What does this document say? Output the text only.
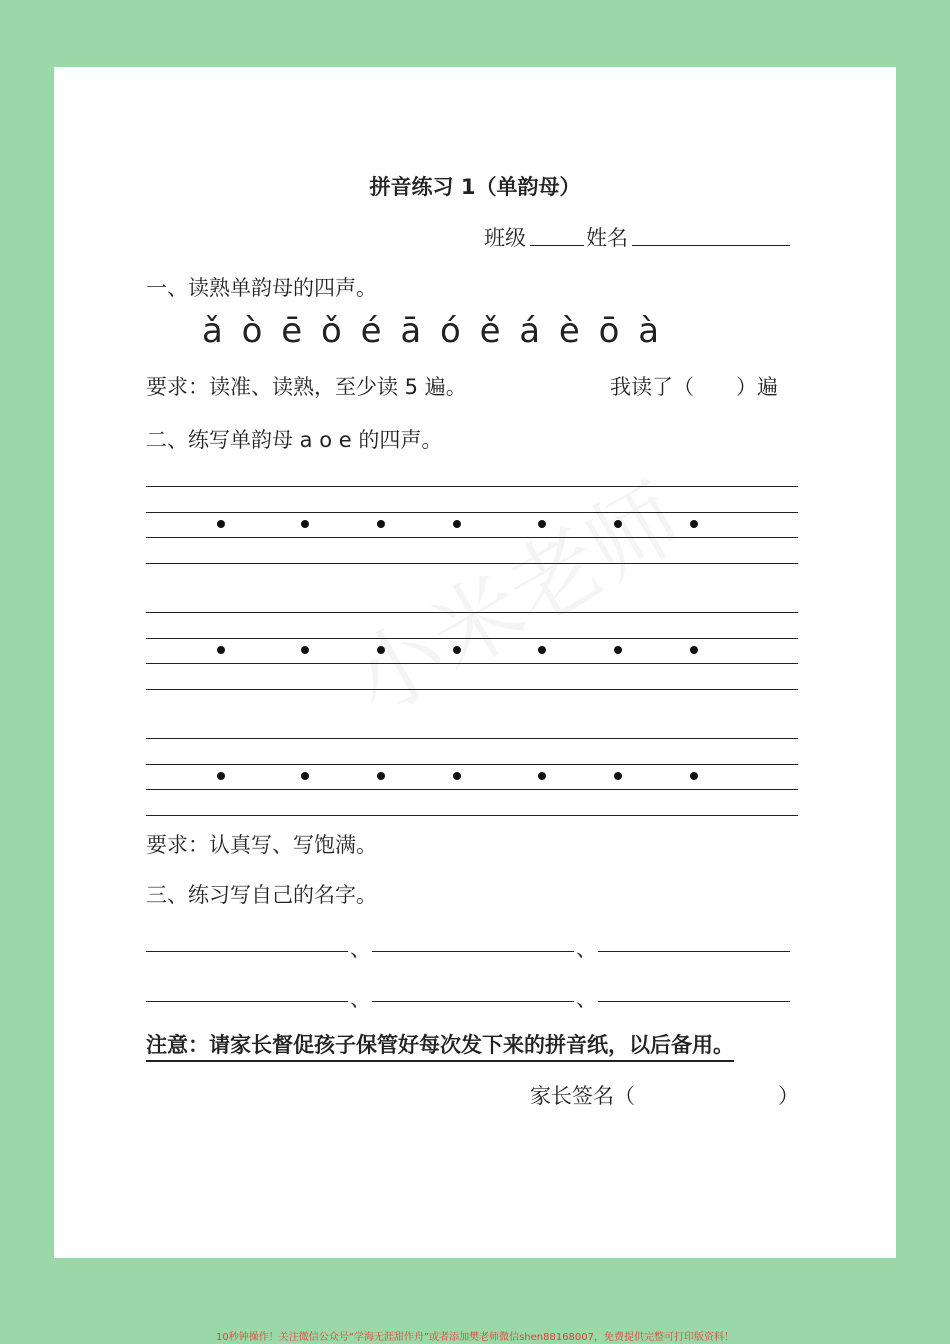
拼音练习 1（单韵母）
班级	姓名
一、读熟单韵母的四声。
ǎ ò ē ǒ é ā ó ě á è ō à
要求：读准、读熟，至少读 5 遍。	我读了（　　）遍
二、练写单韵母 a o e 的四声。
要求：认真写、写饱满。
三、练习写自己的名字。
、	、
、	、
注意：请家长督促孩子保管好每次发下来的拼音纸，以后备用。
家长签名（	）
10秒钟操作！关注微信公众号“学海无涯甜作舟”或者添加樊老师微信shen88168007，免费提供完整可打印版资料！
